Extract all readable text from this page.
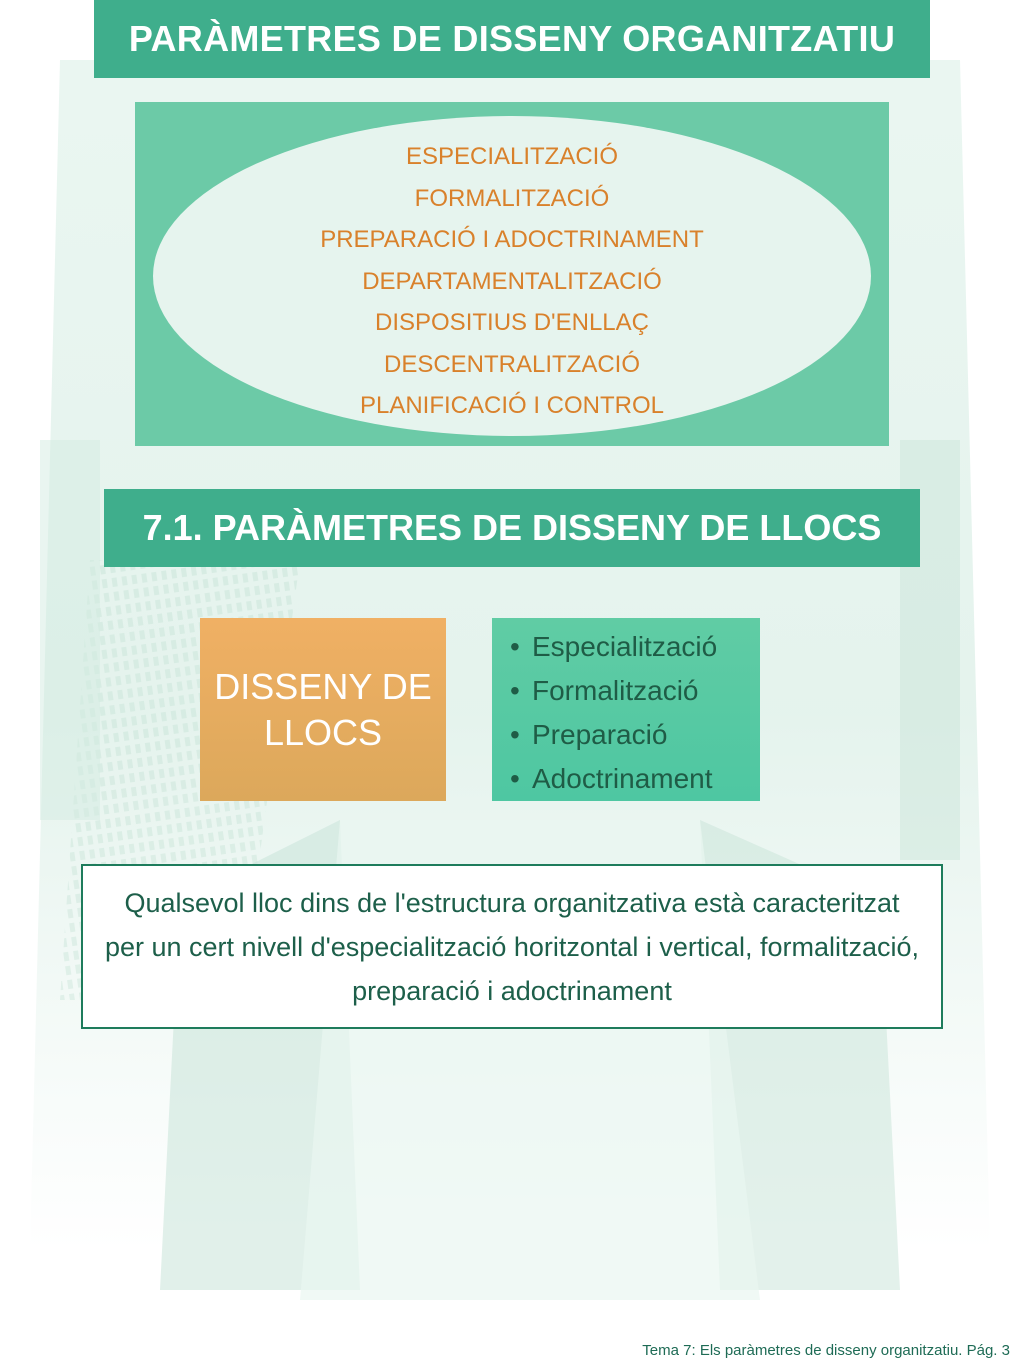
PARÀMETRES DE DISSENY ORGANITZATIU
ESPECIALITZACIÓ
FORMALITZACIÓ
PREPARACIÓ I ADOCTRINAMENT
DEPARTAMENTALITZACIÓ
DISPOSITIUS D'ENLLAÇ
DESCENTRALITZACIÓ
PLANIFICACIÓ I CONTROL
7.1. PARÀMETRES DE DISSENY DE LLOCS
DISSENY DE LLOCS
• Especialització
• Formalització
• Preparació
• Adoctrinament
Qualsevol lloc dins de l'estructura organitzativa està caracteritzat per un cert nivell d'especialització horitzontal i vertical, formalització, preparació i adoctrinament
Tema 7: Els paràmetres de disseny organitzatiu. Pág. 3
